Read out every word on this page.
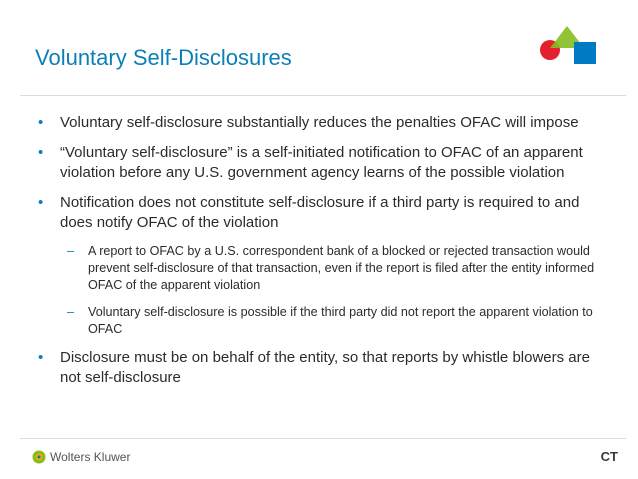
Voluntary Self-Disclosures
• Voluntary self-disclosure substantially reduces the penalties OFAC will impose
• “Voluntary self-disclosure” is a self-initiated notification to OFAC of an apparent violation before any U.S. government agency learns of the possible violation
• Notification does not constitute self-disclosure if a third party is required to and does notify OFAC of the violation
– A report to OFAC by a U.S. correspondent bank of a blocked or rejected transaction would prevent self-disclosure of that transaction, even if the report is filed after the entity informed OFAC of the apparent violation
– Voluntary self-disclosure is possible if the third party did not report the apparent violation to OFAC
• Disclosure must be on behalf of the entity, so that reports by whistle blowers are not self-disclosure
Wolters Kluwer	CT
